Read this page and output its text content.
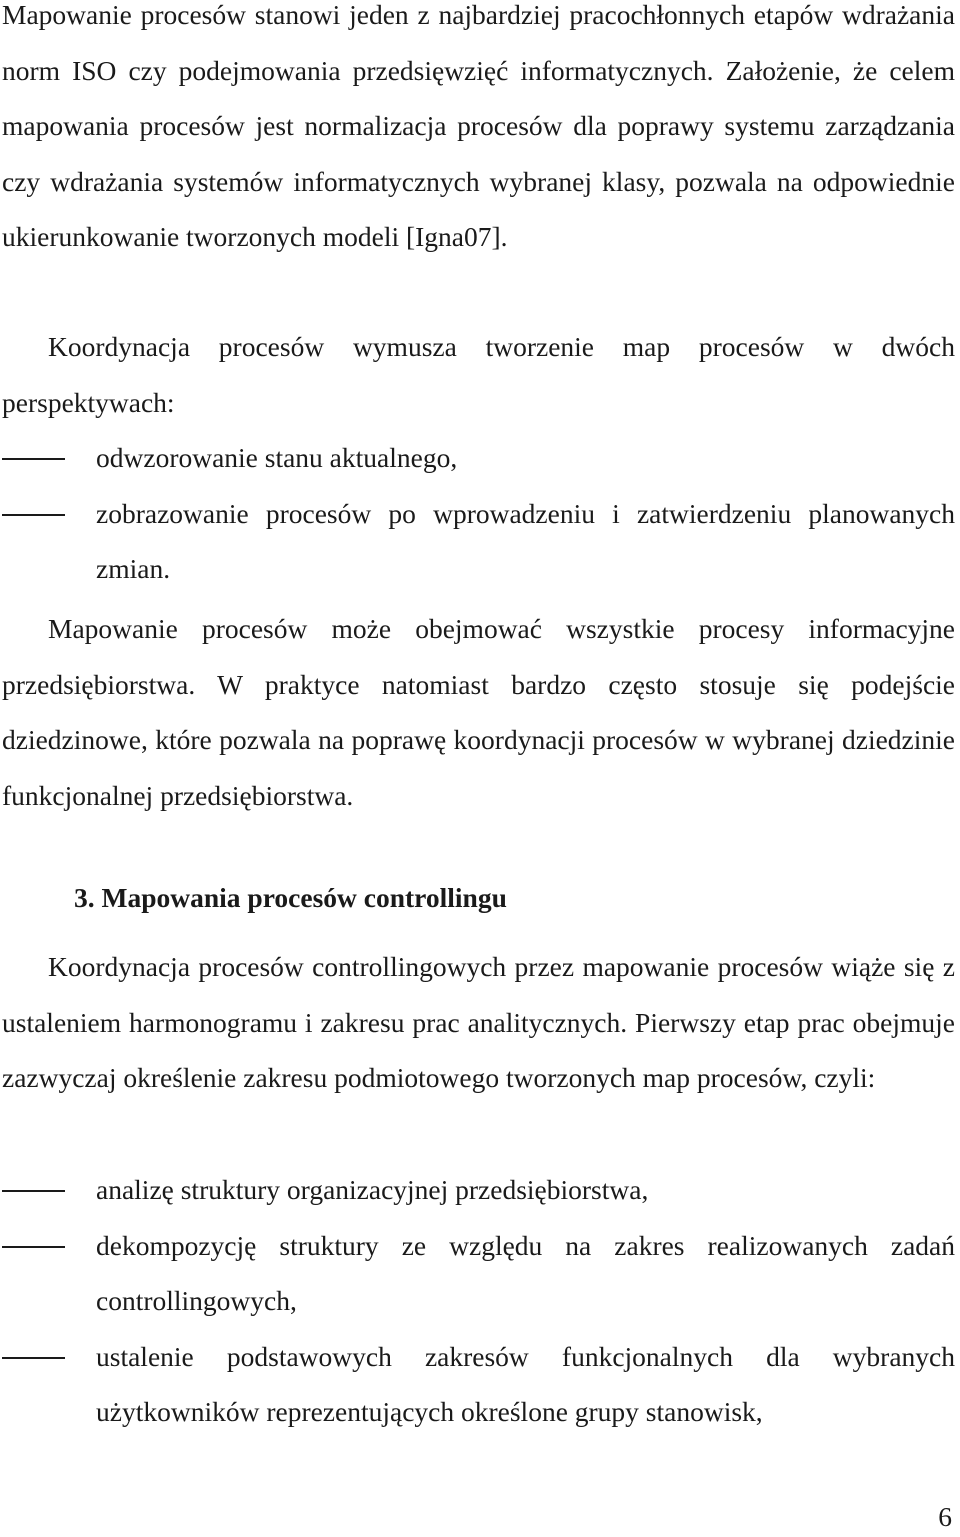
Mapowanie procesów stanowi jeden z najbardziej pracochłonnych etapów wdrażania norm ISO czy podejmowania przedsięwzięć informatycznych. Założenie, że celem mapowania procesów jest normalizacja procesów dla poprawy systemu zarządzania czy wdrażania systemów informatycznych wybranej klasy, pozwala na odpowiednie ukierunkowanie tworzonych modeli [Igna07].

Koordynacja procesów wymusza tworzenie map procesów w dwóch perspektywach:

odwzorowanie stanu aktualnego,
zobrazowanie procesów po wprowadzeniu i zatwierdzeniu planowanych zmian.

Mapowanie procesów może obejmować wszystkie procesy informacyjne przedsiębiorstwa. W praktyce natomiast bardzo często stosuje się podejście dziedzinowe, które pozwala na poprawę koordynacji procesów w wybranej dziedzinie funkcjonalnej przedsiębiorstwa.

3. Mapowania procesów controllingu

Koordynacja procesów controllingowych przez mapowanie procesów wiąże się z ustaleniem harmonogramu i zakresu prac analitycznych. Pierwszy etap prac obejmuje zazwyczaj określenie zakresu podmiotowego tworzonych map procesów, czyli:

analizę struktury organizacyjnej przedsiębiorstwa,
dekompozycję struktury ze względu na zakres realizowanych zadań controllingowych,
ustalenie podstawowych zakresów funkcjonalnych dla wybranych użytkowników reprezentujących określone grupy stanowisk,
6
